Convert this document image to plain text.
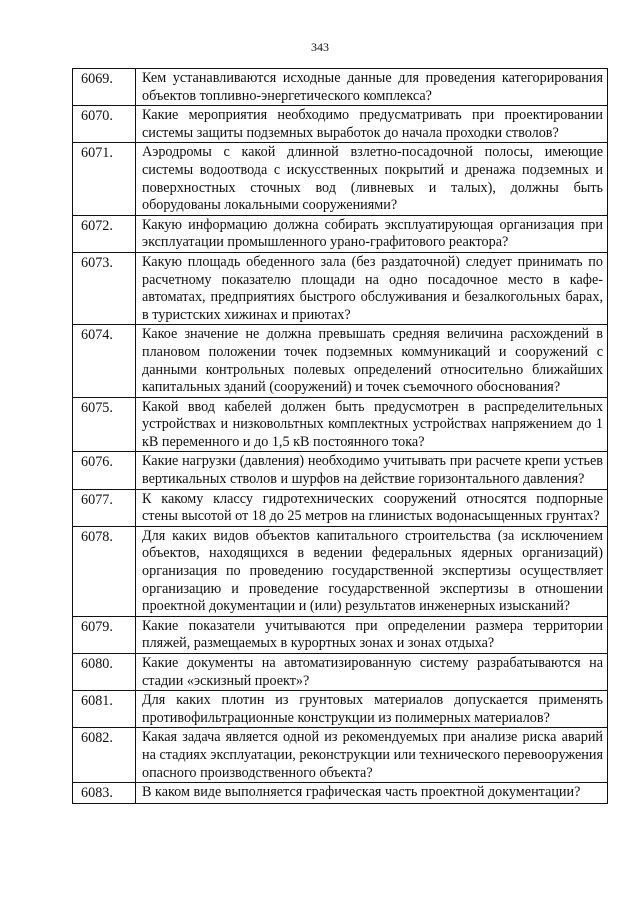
343
6069.	Кем устанавливаются исходные данные для проведения категорирования объектов топливно-энергетического комплекса?
6070.	Какие мероприятия необходимо предусматривать при проектировании системы защиты подземных выработок до начала проходки стволов?
6071.	Аэродромы с какой длинной взлетно-посадочной полосы, имеющие системы водоотвода с искусственных покрытий и дренажа подземных и поверхностных сточных вод (ливневых и талых), должны быть оборудованы локальными сооружениями?
6072.	Какую информацию должна собирать эксплуатирующая организация при эксплуатации промышленного урано-графитового реактора?
6073.	Какую площадь обеденного зала (без раздаточной) следует принимать по расчетному показателю площади на одно посадочное место в кафе-автоматах, предприятиях быстрого обслуживания и безалкогольных барах, в туристских хижинах и приютах?
6074.	Какое значение не должна превышать средняя величина расхождений в плановом положении точек подземных коммуникаций и сооружений с данными контрольных полевых определений относительно ближайших капитальных зданий (сооружений) и точек съемочного обоснования?
6075.	Какой ввод кабелей должен быть предусмотрен в распределительных устройствах и низковольтных комплектных устройствах напряжением до 1 кВ переменного и до 1,5 кВ постоянного тока?
6076.	Какие нагрузки (давления) необходимо учитывать при расчете крепи устьев вертикальных стволов и шурфов на действие горизонтального давления?
6077.	К какому классу гидротехнических сооружений относятся подпорные стены высотой от 18 до 25 метров на глинистых водонасыщенных грунтах?
6078.	Для каких видов объектов капитального строительства (за исключением объектов, находящихся в ведении федеральных ядерных организаций) организация по проведению государственной экспертизы осуществляет организацию и проведение государственной экспертизы в отношении проектной документации и (или) результатов инженерных изысканий?
6079.	Какие показатели учитываются при определении размера территории пляжей, размещаемых в курортных зонах и зонах отдыха?
6080.	Какие документы на автоматизированную систему разрабатываются на стадии «эскизный проект»?
6081.	Для каких плотин из грунтовых материалов допускается применять противофильтрационные конструкции из полимерных материалов?
6082.	Какая задача является одной из рекомендуемых при анализе риска аварий на стадиях эксплуатации, реконструкции или технического перевооружения опасного производственного объекта?
6083.	В каком виде выполняется графическая часть проектной документации?
